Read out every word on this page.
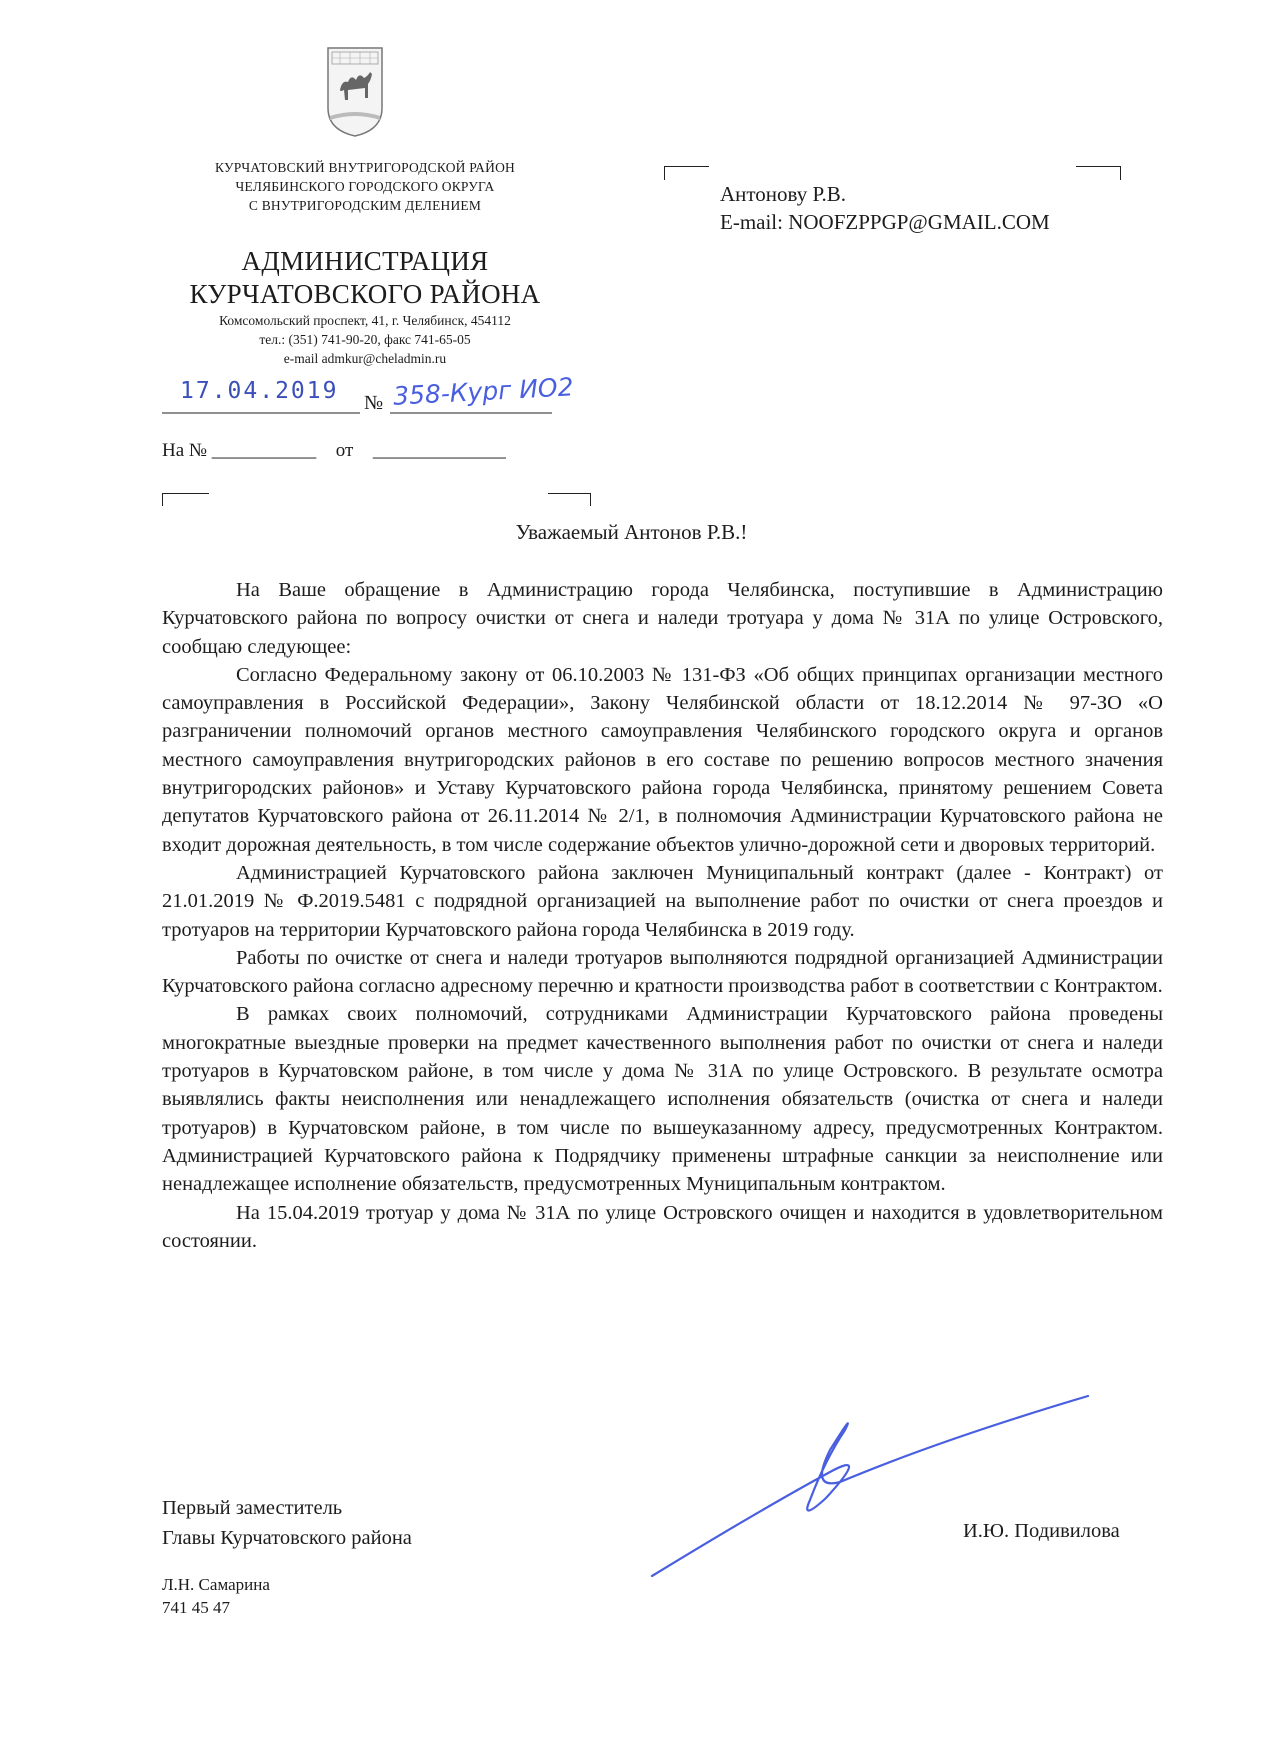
КУРЧАТОВСКИЙ ВНУТРИГОРОДСКОЙ РАЙОН
ЧЕЛЯБИНСКОГО ГОРОДСКОГО ОКРУГА
С ВНУТРИГОРОДСКИМ ДЕЛЕНИЕМ
АДМИНИСТРАЦИЯ
КУРЧАТОВСКОГО РАЙОНА
Комсомольский проспект, 41, г. Челябинск, 454112
тел.: (351) 741-90-20, факс 741-65-05
e-mail admkur@cheladmin.ru
17.04.2019 № 358-Кург ИО2
На № ___________ от ______________
Антонову Р.В.
E-mail: NOOFZPPGP@GMAIL.COM
Уважаемый Антонов Р.В.!

На Ваше обращение в Администрацию города Челябинска, поступившие в Администрацию Курчатовского района по вопросу очистки от снега и наледи тротуара у дома № 31А по улице Островского, сообщаю следующее:

Согласно Федеральному закону от 06.10.2003 № 131-ФЗ «Об общих принципах организации местного самоуправления в Российской Федерации», Закону Челябинской области от 18.12.2014 № 97-ЗО «О разграничении полномочий органов местного самоуправления Челябинского городского округа и органов местного самоуправления внутригородских районов в его составе по решению вопросов местного значения внутригородских районов» и Уставу Курчатовского района города Челябинска, принятому решением Совета депутатов Курчатовского района от 26.11.2014 № 2/1, в полномочия Администрации Курчатовского района не входит дорожная деятельность, в том числе содержание объектов улично-дорожной сети и дворовых территорий.

Администрацией Курчатовского района заключен Муниципальный контракт (далее - Контракт) от 21.01.2019 № Ф.2019.5481 с подрядной организацией на выполнение работ по очистки от снега проездов и тротуаров на территории Курчатовского района города Челябинска в 2019 году.

Работы по очистке от снега и наледи тротуаров выполняются подрядной организацией Администрации Курчатовского района согласно адресному перечню и кратности производства работ в соответствии с Контрактом.

В рамках своих полномочий, сотрудниками Администрации Курчатовского района проведены многократные выездные проверки на предмет качественного выполнения работ по очистки от снега и наледи тротуаров в Курчатовском районе, в том числе у дома № 31А по улице Островского. В результате осмотра выявлялись факты неисполнения или ненадлежащего исполнения обязательств (очистка от снега и наледи тротуаров) в Курчатовском районе, в том числе по вышеуказанному адресу, предусмотренных Контрактом. Администрацией Курчатовского района к Подрядчику применены штрафные санкции за неисполнение или ненадлежащее исполнение обязательств, предусмотренных Муниципальным контрактом.

На 15.04.2019 тротуар у дома № 31А по улице Островского очищен и находится в удовлетворительном состоянии.

Первый заместитель
Главы Курчатовского района	И.Ю. Подивилова
Л.Н. Самарина
741 45 47
